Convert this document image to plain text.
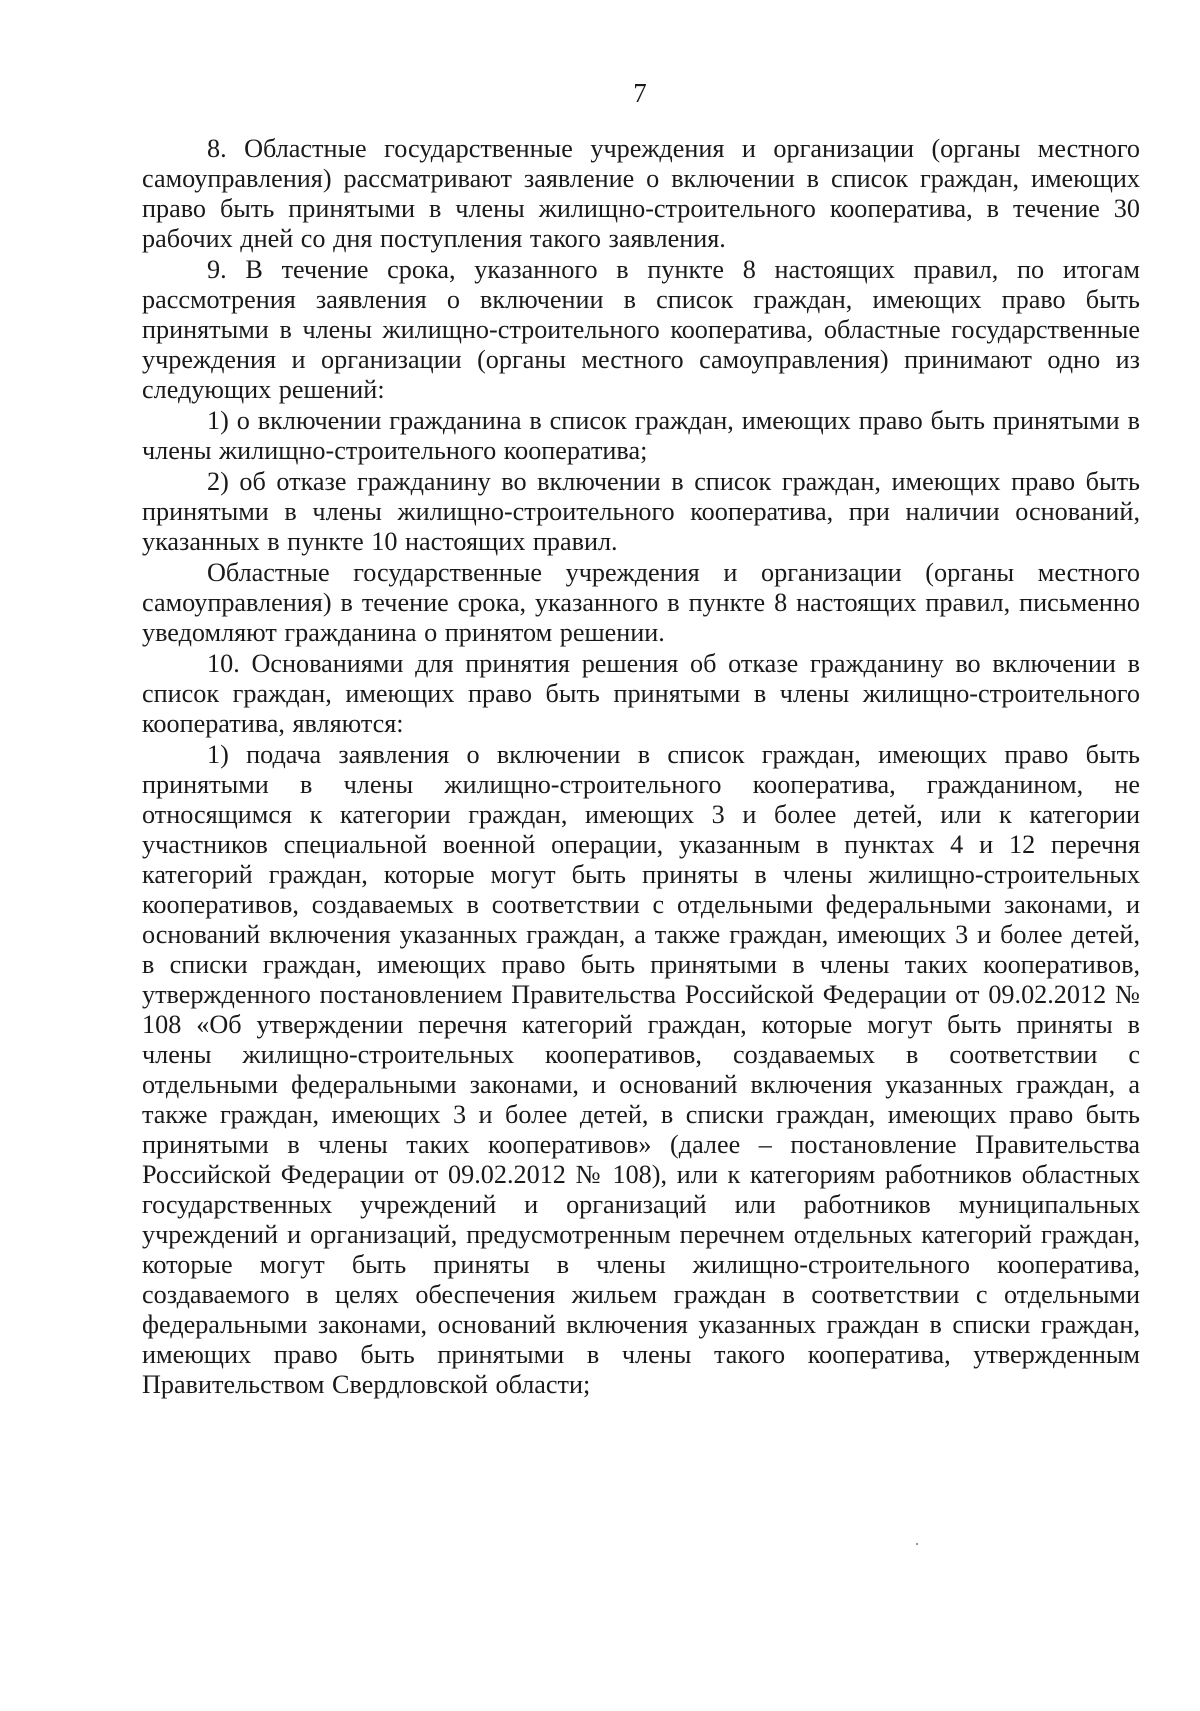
7

8. Областные государственные учреждения и организации (органы местного самоуправления) рассматривают заявление о включении в список граждан, имеющих право быть принятыми в члены жилищно-строительного кооператива, в течение 30 рабочих дней со дня поступления такого заявления.

9. В течение срока, указанного в пункте 8 настоящих правил, по итогам рассмотрения заявления о включении в список граждан, имеющих право быть принятыми в члены жилищно-строительного кооператива, областные государственные учреждения и организации (органы местного самоуправления) принимают одно из следующих решений:

1) о включении гражданина в список граждан, имеющих право быть принятыми в члены жилищно-строительного кооператива;

2) об отказе гражданину во включении в список граждан, имеющих право быть принятыми в члены жилищно-строительного кооператива, при наличии оснований, указанных в пункте 10 настоящих правил.

Областные государственные учреждения и организации (органы местного самоуправления) в течение срока, указанного в пункте 8 настоящих правил, письменно уведомляют гражданина о принятом решении.

10. Основаниями для принятия решения об отказе гражданину во включении в список граждан, имеющих право быть принятыми в члены жилищно-строительного кооператива, являются:

1) подача заявления о включении в список граждан, имеющих право быть принятыми в члены жилищно-строительного кооператива, гражданином, не относящимся к категории граждан, имеющих 3 и более детей, или к категории участников специальной военной операции, указанным в пунктах 4 и 12 перечня категорий граждан, которые могут быть приняты в члены жилищно-строительных кооперативов, создаваемых в соответствии с отдельными федеральными законами, и оснований включения указанных граждан, а также граждан, имеющих 3 и более детей, в списки граждан, имеющих право быть принятыми в члены таких кооперативов, утвержденного постановлением Правительства Российской Федерации от 09.02.2012 № 108 «Об утверждении перечня категорий граждан, которые могут быть приняты в члены жилищно-строительных кооперативов, создаваемых в соответствии с отдельными федеральными законами, и оснований включения указанных граждан, а также граждан, имеющих 3 и более детей, в списки граждан, имеющих право быть принятыми в члены таких кооперативов» (далее – постановление Правительства Российской Федерации от 09.02.2012 № 108), или к категориям работников областных государственных учреждений и организаций или работников муниципальных учреждений и организаций, предусмотренным перечнем отдельных категорий граждан, которые могут быть приняты в члены жилищно-строительного кооператива, создаваемого в целях обеспечения жильем граждан в соответствии с отдельными федеральными законами, оснований включения указанных граждан в списки граждан, имеющих право быть принятыми в члены такого кооператива, утвержденным Правительством Свердловской области;
